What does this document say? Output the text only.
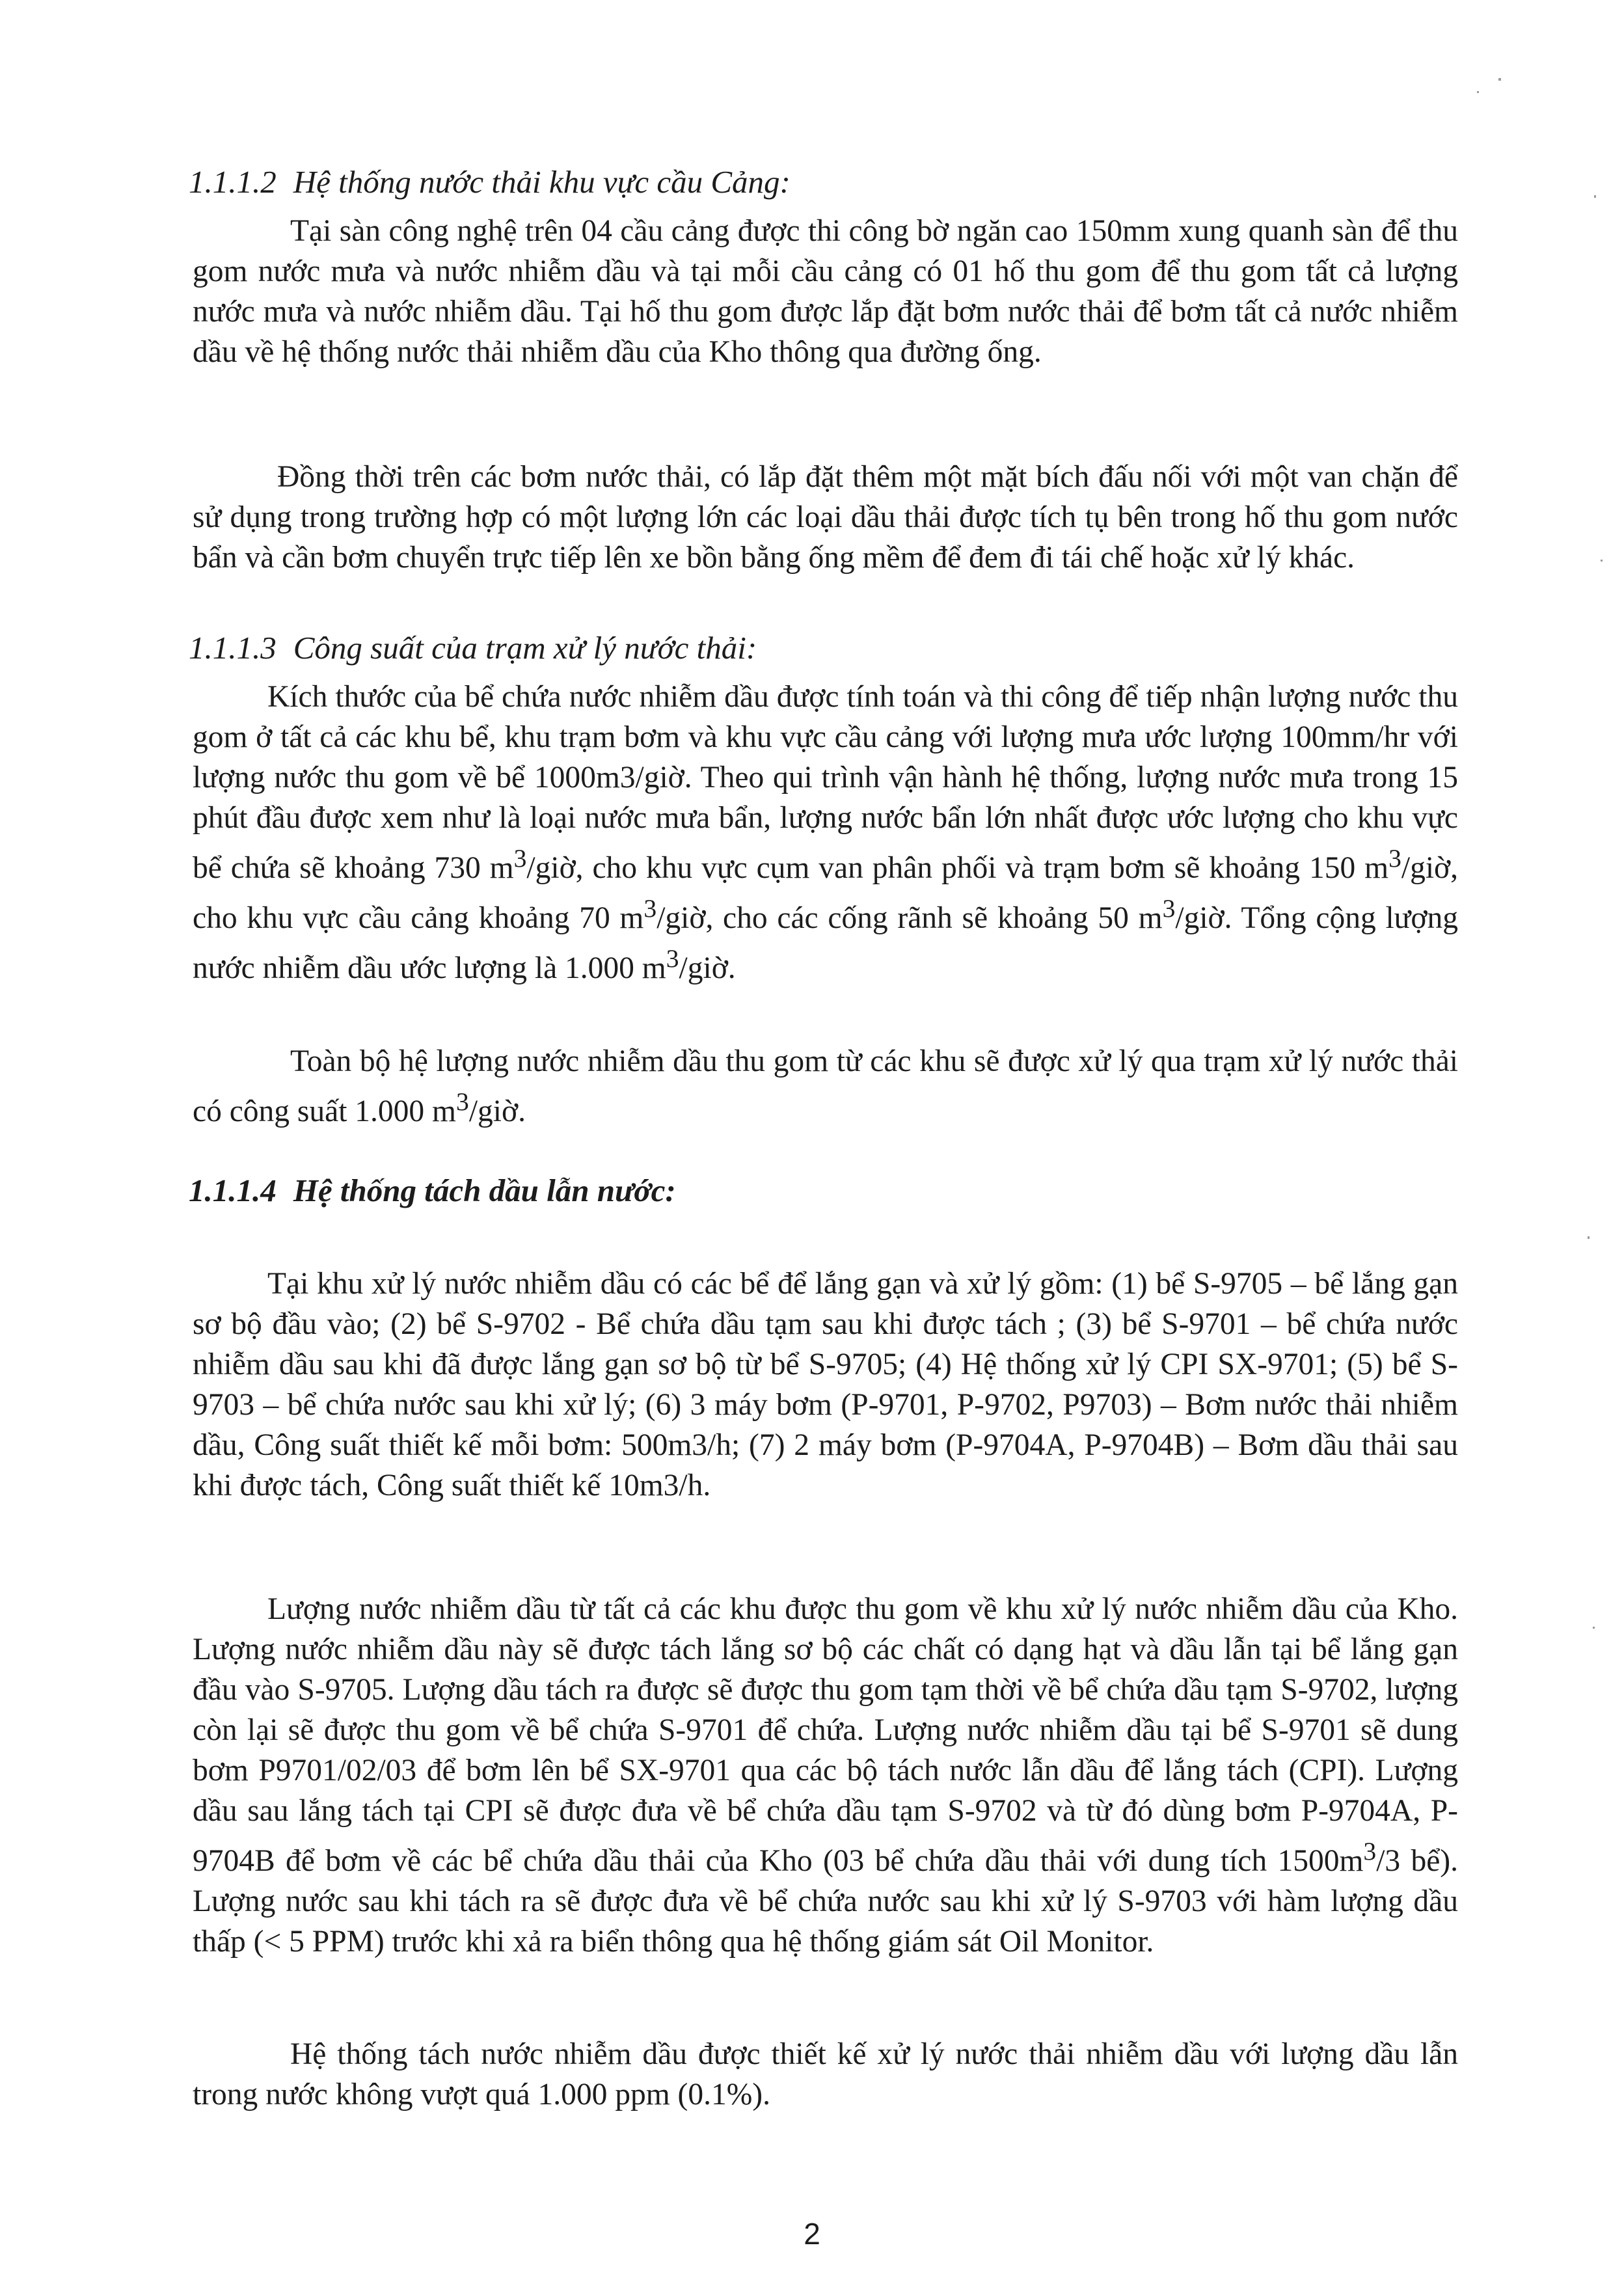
1.1.1.2 Hệ thống nước thải khu vực cầu Cảng:

Tại sàn công nghệ trên 04 cầu cảng được thi công bờ ngăn cao 150mm xung quanh sàn để thu gom nước mưa và nước nhiễm dầu và tại mỗi cầu cảng có 01 hố thu gom để thu gom tất cả lượng nước mưa và nước nhiễm dầu. Tại hố thu gom được lắp đặt bơm nước thải để bơm tất cả nước nhiễm dầu về hệ thống nước thải nhiễm dầu của Kho thông qua đường ống.

Đồng thời trên các bơm nước thải, có lắp đặt thêm một mặt bích đấu nối với một van chặn để sử dụng trong trường hợp có một lượng lớn các loại dầu thải được tích tụ bên trong hố thu gom nước bẩn và cần bơm chuyển trực tiếp lên xe bồn bằng ống mềm để đem đi tái chế hoặc xử lý khác.

1.1.1.3 Công suất của trạm xử lý nước thải:

Kích thước của bể chứa nước nhiễm dầu được tính toán và thi công để tiếp nhận lượng nước thu gom ở tất cả các khu bể, khu trạm bơm và khu vực cầu cảng với lượng mưa ước lượng 100mm/hr với lượng nước thu gom về bể 1000m3/giờ. Theo qui trình vận hành hệ thống, lượng nước mưa trong 15 phút đầu được xem như là loại nước mưa bẩn, lượng nước bẩn lớn nhất được ước lượng cho khu vực bể chứa sẽ khoảng 730 $m^3$/giờ, cho khu vực cụm van phân phối và trạm bơm sẽ khoảng 150 $m^3$/giờ, cho khu vực cầu cảng khoảng 70 $m^3$/giờ, cho các cống rãnh sẽ khoảng 50 $m^3$/giờ. Tổng cộng lượng nước nhiễm dầu ước lượng là 1.000 $m^3$/giờ.

Toàn bộ hệ lượng nước nhiễm dầu thu gom từ các khu sẽ được xử lý qua trạm xử lý nước thải có công suất 1.000 $m^3$/giờ.

1.1.1.4 Hệ thống tách dầu lẫn nước:

Tại khu xử lý nước nhiễm dầu có các bể để lắng gạn và xử lý gồm: (1) bể S-9705 – bể lắng gạn sơ bộ đầu vào; (2) bể S-9702 - Bể chứa dầu tạm sau khi được tách ; (3) bể S-9701 – bể chứa nước nhiễm dầu sau khi đã được lắng gạn sơ bộ từ bể S-9705; (4) Hệ thống xử lý CPI SX-9701; (5) bể S-9703 – bể chứa nước sau khi xử lý; (6) 3 máy bơm (P-9701, P-9702, P9703) – Bơm nước thải nhiễm dầu, Công suất thiết kế mỗi bơm: 500m3/h; (7) 2 máy bơm (P-9704A, P-9704B) – Bơm dầu thải sau khi được tách, Công suất thiết kế 10m3/h.

Lượng nước nhiễm dầu từ tất cả các khu được thu gom về khu xử lý nước nhiễm dầu của Kho. Lượng nước nhiễm dầu này sẽ được tách lắng sơ bộ các chất có dạng hạt và dầu lẫn tại bể lắng gạn đầu vào S-9705. Lượng dầu tách ra được sẽ được thu gom tạm thời về bể chứa dầu tạm S-9702, lượng còn lại sẽ được thu gom về bể chứa S-9701 để chứa. Lượng nước nhiễm dầu tại bể S-9701 sẽ dung bơm P9701/02/03 để bơm lên bể SX-9701 qua các bộ tách nước lẫn dầu để lắng tách (CPI). Lượng dầu sau lắng tách tại CPI sẽ được đưa về bể chứa dầu tạm S-9702 và từ đó dùng bơm P-9704A, P-9704B để bơm về các bể chứa dầu thải của Kho (03 bể chứa dầu thải với dung tích $1500m^3/3$ bể). Lượng nước sau khi tách ra sẽ được đưa về bể chứa nước sau khi xử lý S-9703 với hàm lượng dầu thấp (< 5 PPM) trước khi xả ra biển thông qua hệ thống giám sát Oil Monitor.

Hệ thống tách nước nhiễm dầu được thiết kế xử lý nước thải nhiễm dầu với lượng dầu lẫn trong nước không vượt quá 1.000 ppm (0.1%).

2
